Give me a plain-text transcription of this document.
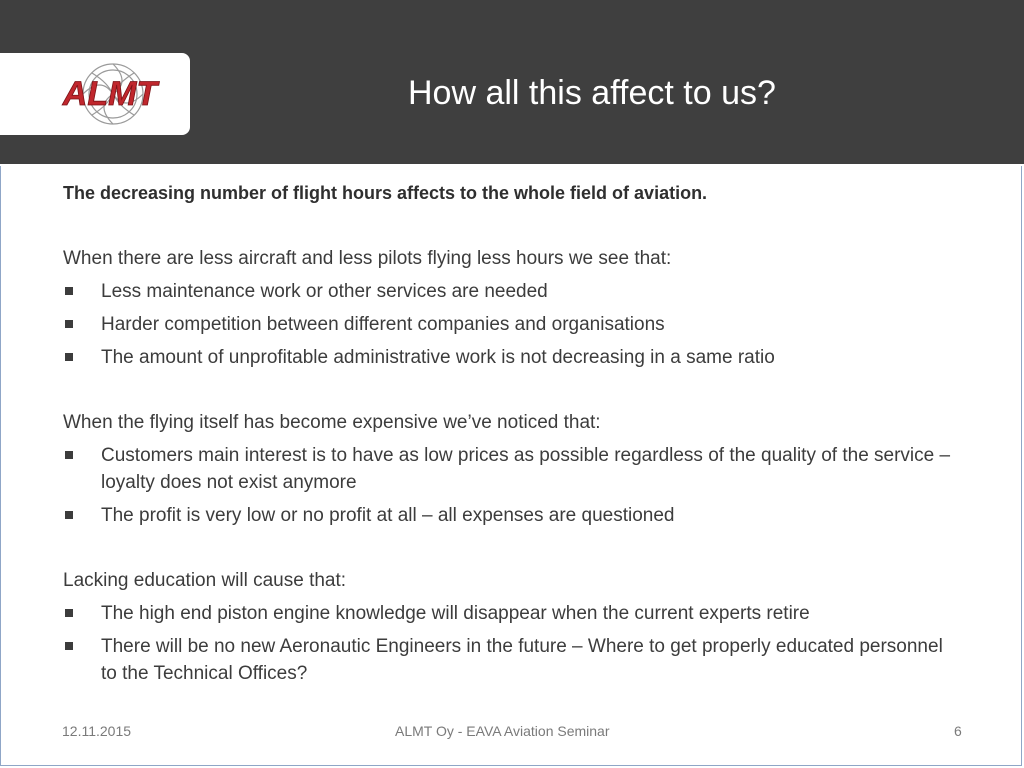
ALMT	How all this affect to us?
The decreasing number of flight hours affects to the whole field of aviation.
When there are less aircraft and less pilots flying less hours we see that:
Less maintenance work or other services are needed
Harder competition between different companies and organisations
The amount of unprofitable administrative work is not decreasing in a same ratio
When the flying itself has become expensive we’ve noticed that:
Customers main interest is to have as low prices as possible regardless of the quality of the service – loyalty does not exist anymore
The profit is very low or no profit at all – all expenses are questioned
Lacking education will cause that:
The high end piston engine knowledge will disappear when the current experts retire
There will be no new Aeronautic Engineers in the future – Where to get properly educated personnel to the Technical Offices?
12.11.2015	ALMT Oy - EAVA Aviation Seminar	6
